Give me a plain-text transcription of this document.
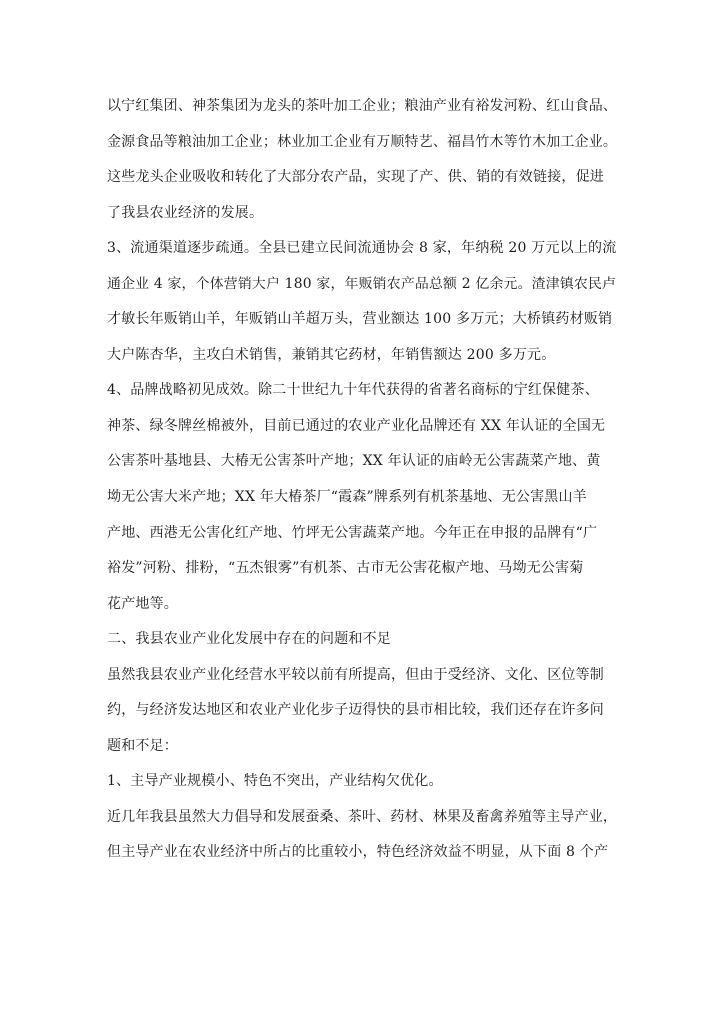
以宁红集团、神茶集团为龙头的茶叶加工企业；粮油产业有裕发河粉、红山食品、
金源食品等粮油加工企业；林业加工企业有万顺特艺、福昌竹木等竹木加工企业。
这些龙头企业吸收和转化了大部分农产品，实现了产、供、销的有效链接，促进
了我县农业经济的发展。
3、流通渠道逐步疏通。全县已建立民间流通协会 8 家，年纳税 20 万元以上的流
通企业 4 家，个体营销大户 180 家，年贩销农产品总额 2 亿余元。渣津镇农民卢
才敏长年贩销山羊，年贩销山羊超万头，营业额达 100 多万元；大桥镇药材贩销
大户陈杏华，主攻白术销售，兼销其它药材，年销售额达 200 多万元。
4、品牌战略初见成效。除二十世纪九十年代获得的省著名商标的宁红保健茶、
神茶、绿冬牌丝棉被外，目前已通过的农业产业化品牌还有 XX 年认证的全国无
公害茶叶基地县、大椿无公害茶叶产地；XX 年认证的庙岭无公害蔬菜产地、黄
坳无公害大米产地；XX 年大椿茶厂“霞森”牌系列有机茶基地、无公害黑山羊
产地、西港无公害化红产地、竹坪无公害蔬菜产地。今年正在申报的品牌有“广
裕发”河粉、排粉，“五杰银雾”有机茶、古市无公害花椒产地、马坳无公害菊
花产地等。
二、我县农业产业化发展中存在的问题和不足
虽然我县农业产业化经营水平较以前有所提高，但由于受经济、文化、区位等制
约，与经济发达地区和农业产业化步子迈得快的县市相比较，我们还存在许多问
题和不足：
1、主导产业规模小、特色不突出，产业结构欠优化。
近几年我县虽然大力倡导和发展蚕桑、茶叶、药材、林果及畜禽养殖等主导产业，
但主导产业在农业经济中所占的比重较小，特色经济效益不明显，从下面 8 个产
